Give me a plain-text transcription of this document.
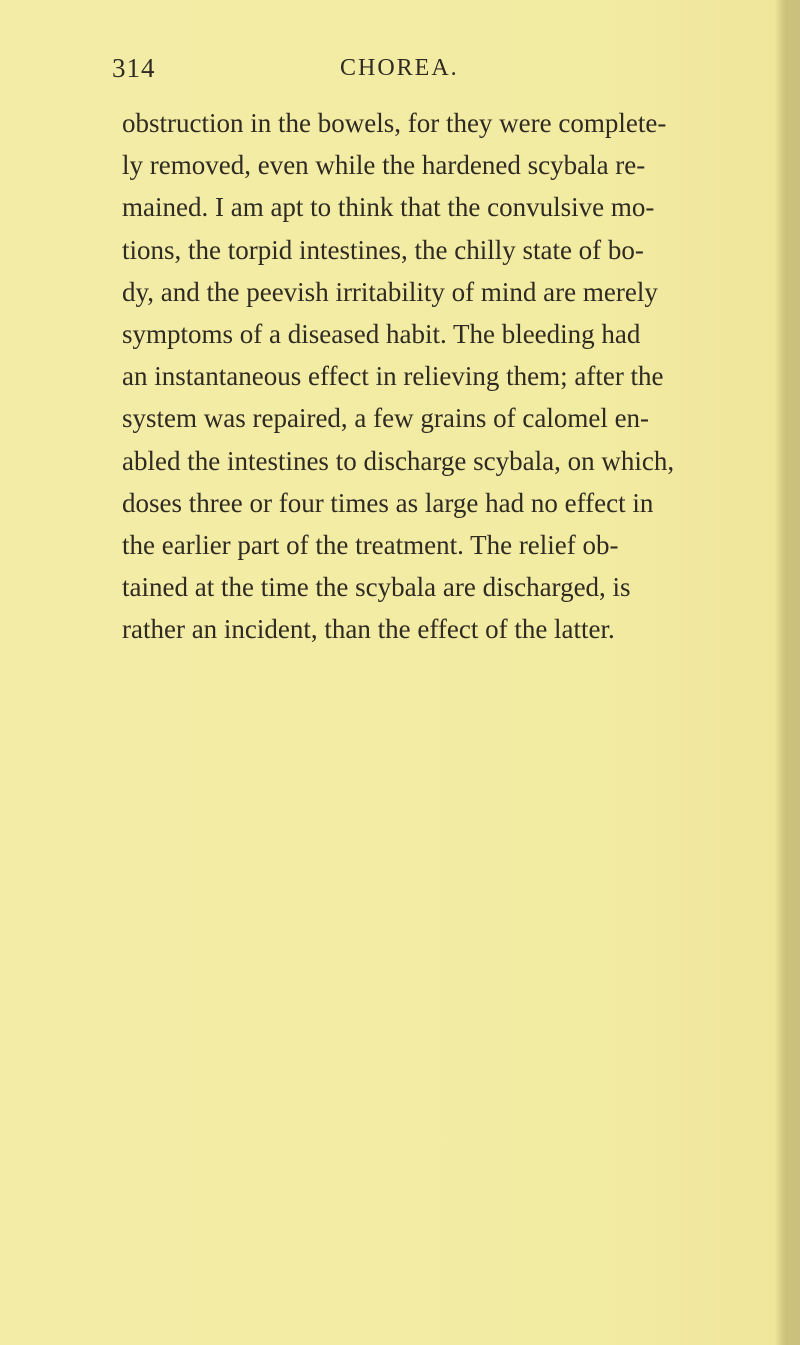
314	CHOREA.
obstruction in the bowels, for they were complete-
ly removed, even while the hardened scybala re-
mained. I am apt to think that the convulsive mo-
tions, the torpid intestines, the chilly state of bo-
dy, and the peevish irritability of mind are merely
symptoms of a diseased habit. The bleeding had
an instantaneous effect in relieving them; after the
system was repaired, a few grains of calomel en-
abled the intestines to discharge scybala, on which,
doses three or four times as large had no effect in
the earlier part of the treatment. The relief ob-
tained at the time the scybala are discharged, is
rather an incident, than the effect of the latter.
